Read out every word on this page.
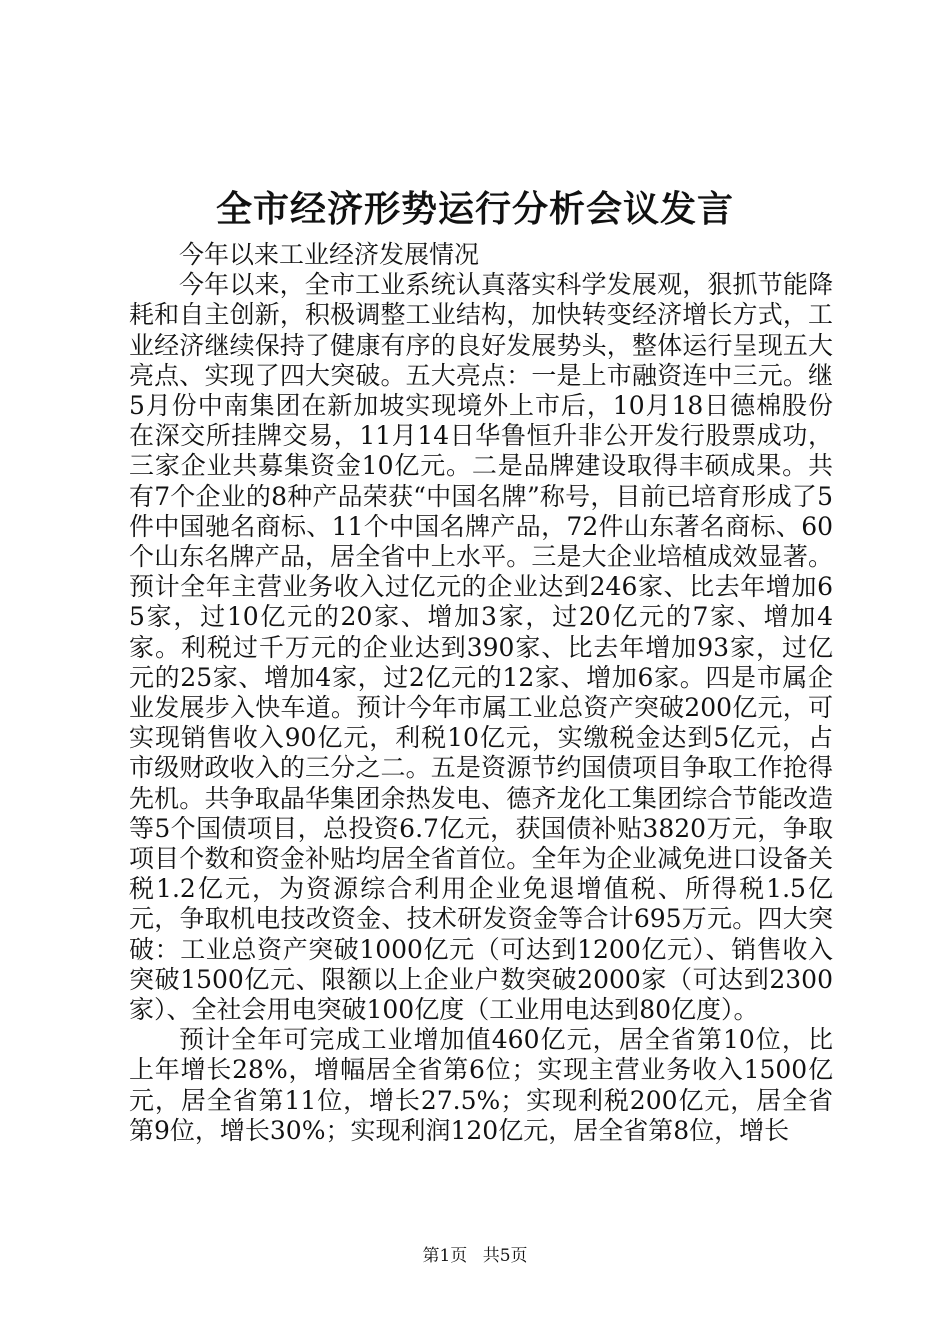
全市经济形势运行分析会议发言

今年以来工业经济发展情况

今年以来，全市工业系统认真落实科学发展观，狠抓节能降耗和自主创新，积极调整工业结构，加快转变经济增长方式，工业经济继续保持了健康有序的良好发展势头，整体运行呈现五大亮点、实现了四大突破。五大亮点：一是上市融资连中三元。继5月份中南集团在新加坡实现境外上市后，10月18日德棉股份在深交所挂牌交易，11月14日华鲁恒升非公开发行股票成功，三家企业共募集资金10亿元。二是品牌建设取得丰硕成果。共有7个企业的8种产品荣获“中国名牌”称号，目前已培育形成了5件中国驰名商标、11个中国名牌产品，72件山东著名商标、60个山东名牌产品，居全省中上水平。三是大企业培植成效显著。预计全年主营业务收入过亿元的企业达到246家、比去年增加65家，过10亿元的20家、增加3家，过20亿元的7家、增加4家。利税过千万元的企业达到390家、比去年增加93家，过亿元的25家、增加4家，过2亿元的12家、增加6家。四是市属企业发展步入快车道。预计今年市属工业总资产突破200亿元，可实现销售收入90亿元，利税10亿元，实缴税金达到5亿元，占市级财政收入的三分之二。五是资源节约国债项目争取工作抢得先机。共争取晶华集团余热发电、德齐龙化工集团综合节能改造等5个国债项目，总投资6.7亿元，获国债补贴3820万元，争取项目个数和资金补贴均居全省首位。全年为企业减免进口设备关税1.2亿元，为资源综合利用企业免退增值税、所得税1.5亿元，争取机电技改资金、技术研发资金等合计695万元。四大突破：工业总资产突破1000亿元（可达到1200亿元）、销售收入突破1500亿元、限额以上企业户数突破2000家（可达到2300家）、全社会用电突破100亿度（工业用电达到80亿度）。

预计全年可完成工业增加值460亿元，居全省第10位，比上年增长28%，增幅居全省第6位；实现主营业务收入1500亿元，居全省第11位，增长27.5%；实现利税200亿元，居全省第9位，增长30%；实现利润120亿元，居全省第8位，增长

第1页 共5页
